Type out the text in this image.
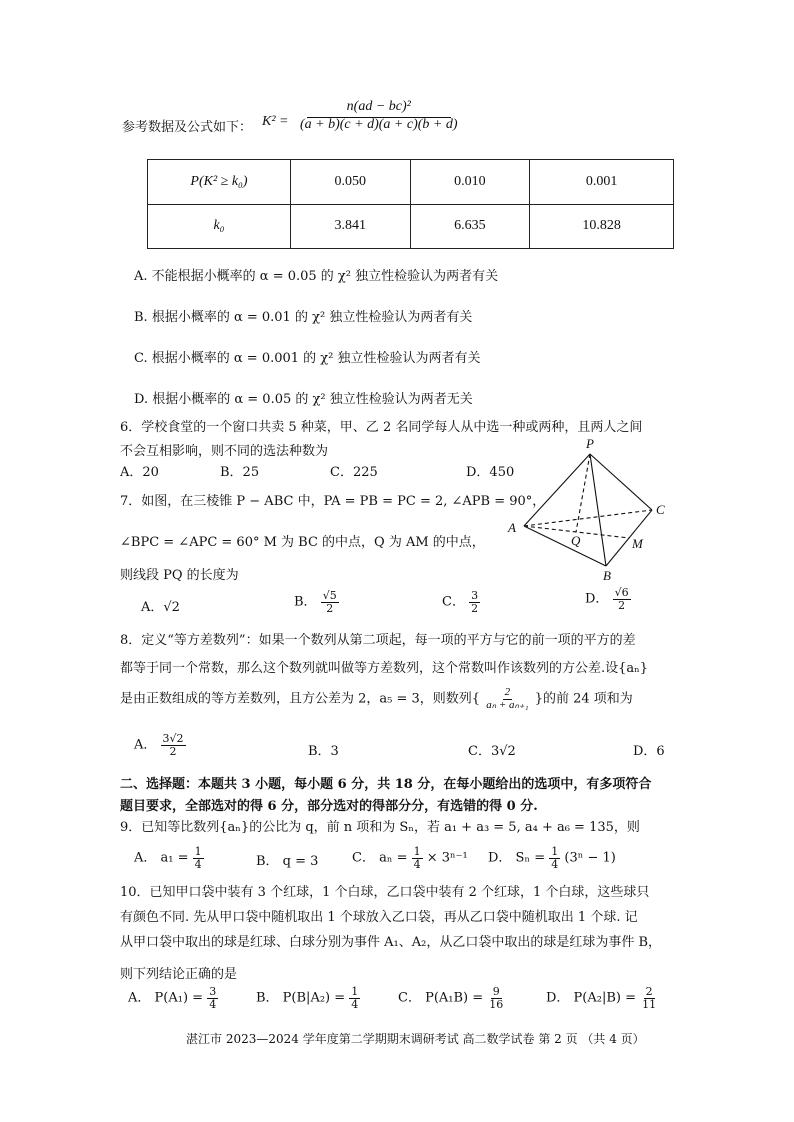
参考数据及公式如下： $K^2 = \frac{\text{n(ad − bc)²}}{(a + b)(c + d)(a + c)(b + d)}$
P(K² ≥ k₀)	0.050	0.010	0.001
k₀	3.841	6.635	10.828
A. 不能根据小概率的 α = 0.05 的 χ² 独立性检验认为两者有关
B. 根据小概率的 α = 0.01 的 χ² 独立性检验认为两者有关
C. 根据小概率的 α = 0.001 的 χ² 独立性检验认为两者有关
D. 根据小概率的 α = 0.05 的 χ² 独立性检验认为两者无关
6．学校食堂的一个窗口共卖 5 种菜，甲、乙 2 名同学每人从中选一种或两种，且两人之间
不会互相影响，则不同的选法种数为
A．20	B．25	C．225	D．450
7．如图，在三棱锥 P − ABC 中，PA = PB = PC = 2, ∠APB = 90°，
∠BPC = ∠APC = 60° M 为 BC 的中点，Q 为 AM 的中点，
则线段 PQ 的长度为
A．√2	B． $\frac{√5}{2}$	C． $\frac{3}{2}$	D． $\frac{√6}{2}$
P
A
B
C
Q	M
8．定义“等方差数列”：如果一个数列从第二项起，每一项的平方与它的前一项的平方的差
都等于同一个常数，那么这个数列就叫做等方差数列，这个常数叫作该数列的方公差.设{aₙ}
是由正数组成的等方差数列，且方公差为 2，a₅ = 3，则数列{ $\frac{2}{\text{aₙ + aₙ₊₁}}$ }的前 24 项和为
A． $\frac{3√2}{2}$	B．3	C．3√2	D．6
二、选择题：本题共 3 小题，每小题 6 分，共 18 分，在每小题给出的选项中，有多项符合
题目要求，全部选对的得 6 分，部分选对的得部分分，有选错的得 0 分.
9．已知等比数列{aₙ}的公比为 q，前 n 项和为 Sₙ，若 a₁ + a₃ = 5, a₄ + a₆ = 135，则
A． $a_1 = \frac{1}{4}$	B． q = 3	C． $a_n = \frac{1}{4} \times 3^{n-1}$ D． $S_n = \frac{1}{4} (3^n - 1)$
10．已知甲口袋中装有 3 个红球，1 个白球，乙口袋中装有 2 个红球，1 个白球，这些球只
有颜色不同. 先从甲口袋中随机取出 1 个球放入乙口袋，再从乙口袋中随机取出 1 个球. 记
从甲口袋中取出的球是红球、白球分别为事件 A₁、A₂，从乙口袋中取出的球是红球为事件 B，
则下列结论正确的是
A． $P(A_1) = \frac{3}{4}$	B． $P(B|A_2) = \frac{1}{4}$	C． $P(A_1B) = \frac{9}{16}$	D． $P(A_2|B) = \frac{2}{11}$
湛江市 2023—2024 学年度第二学期期末调研考试 高二数学试卷 第 2 页 （共 4 页）
